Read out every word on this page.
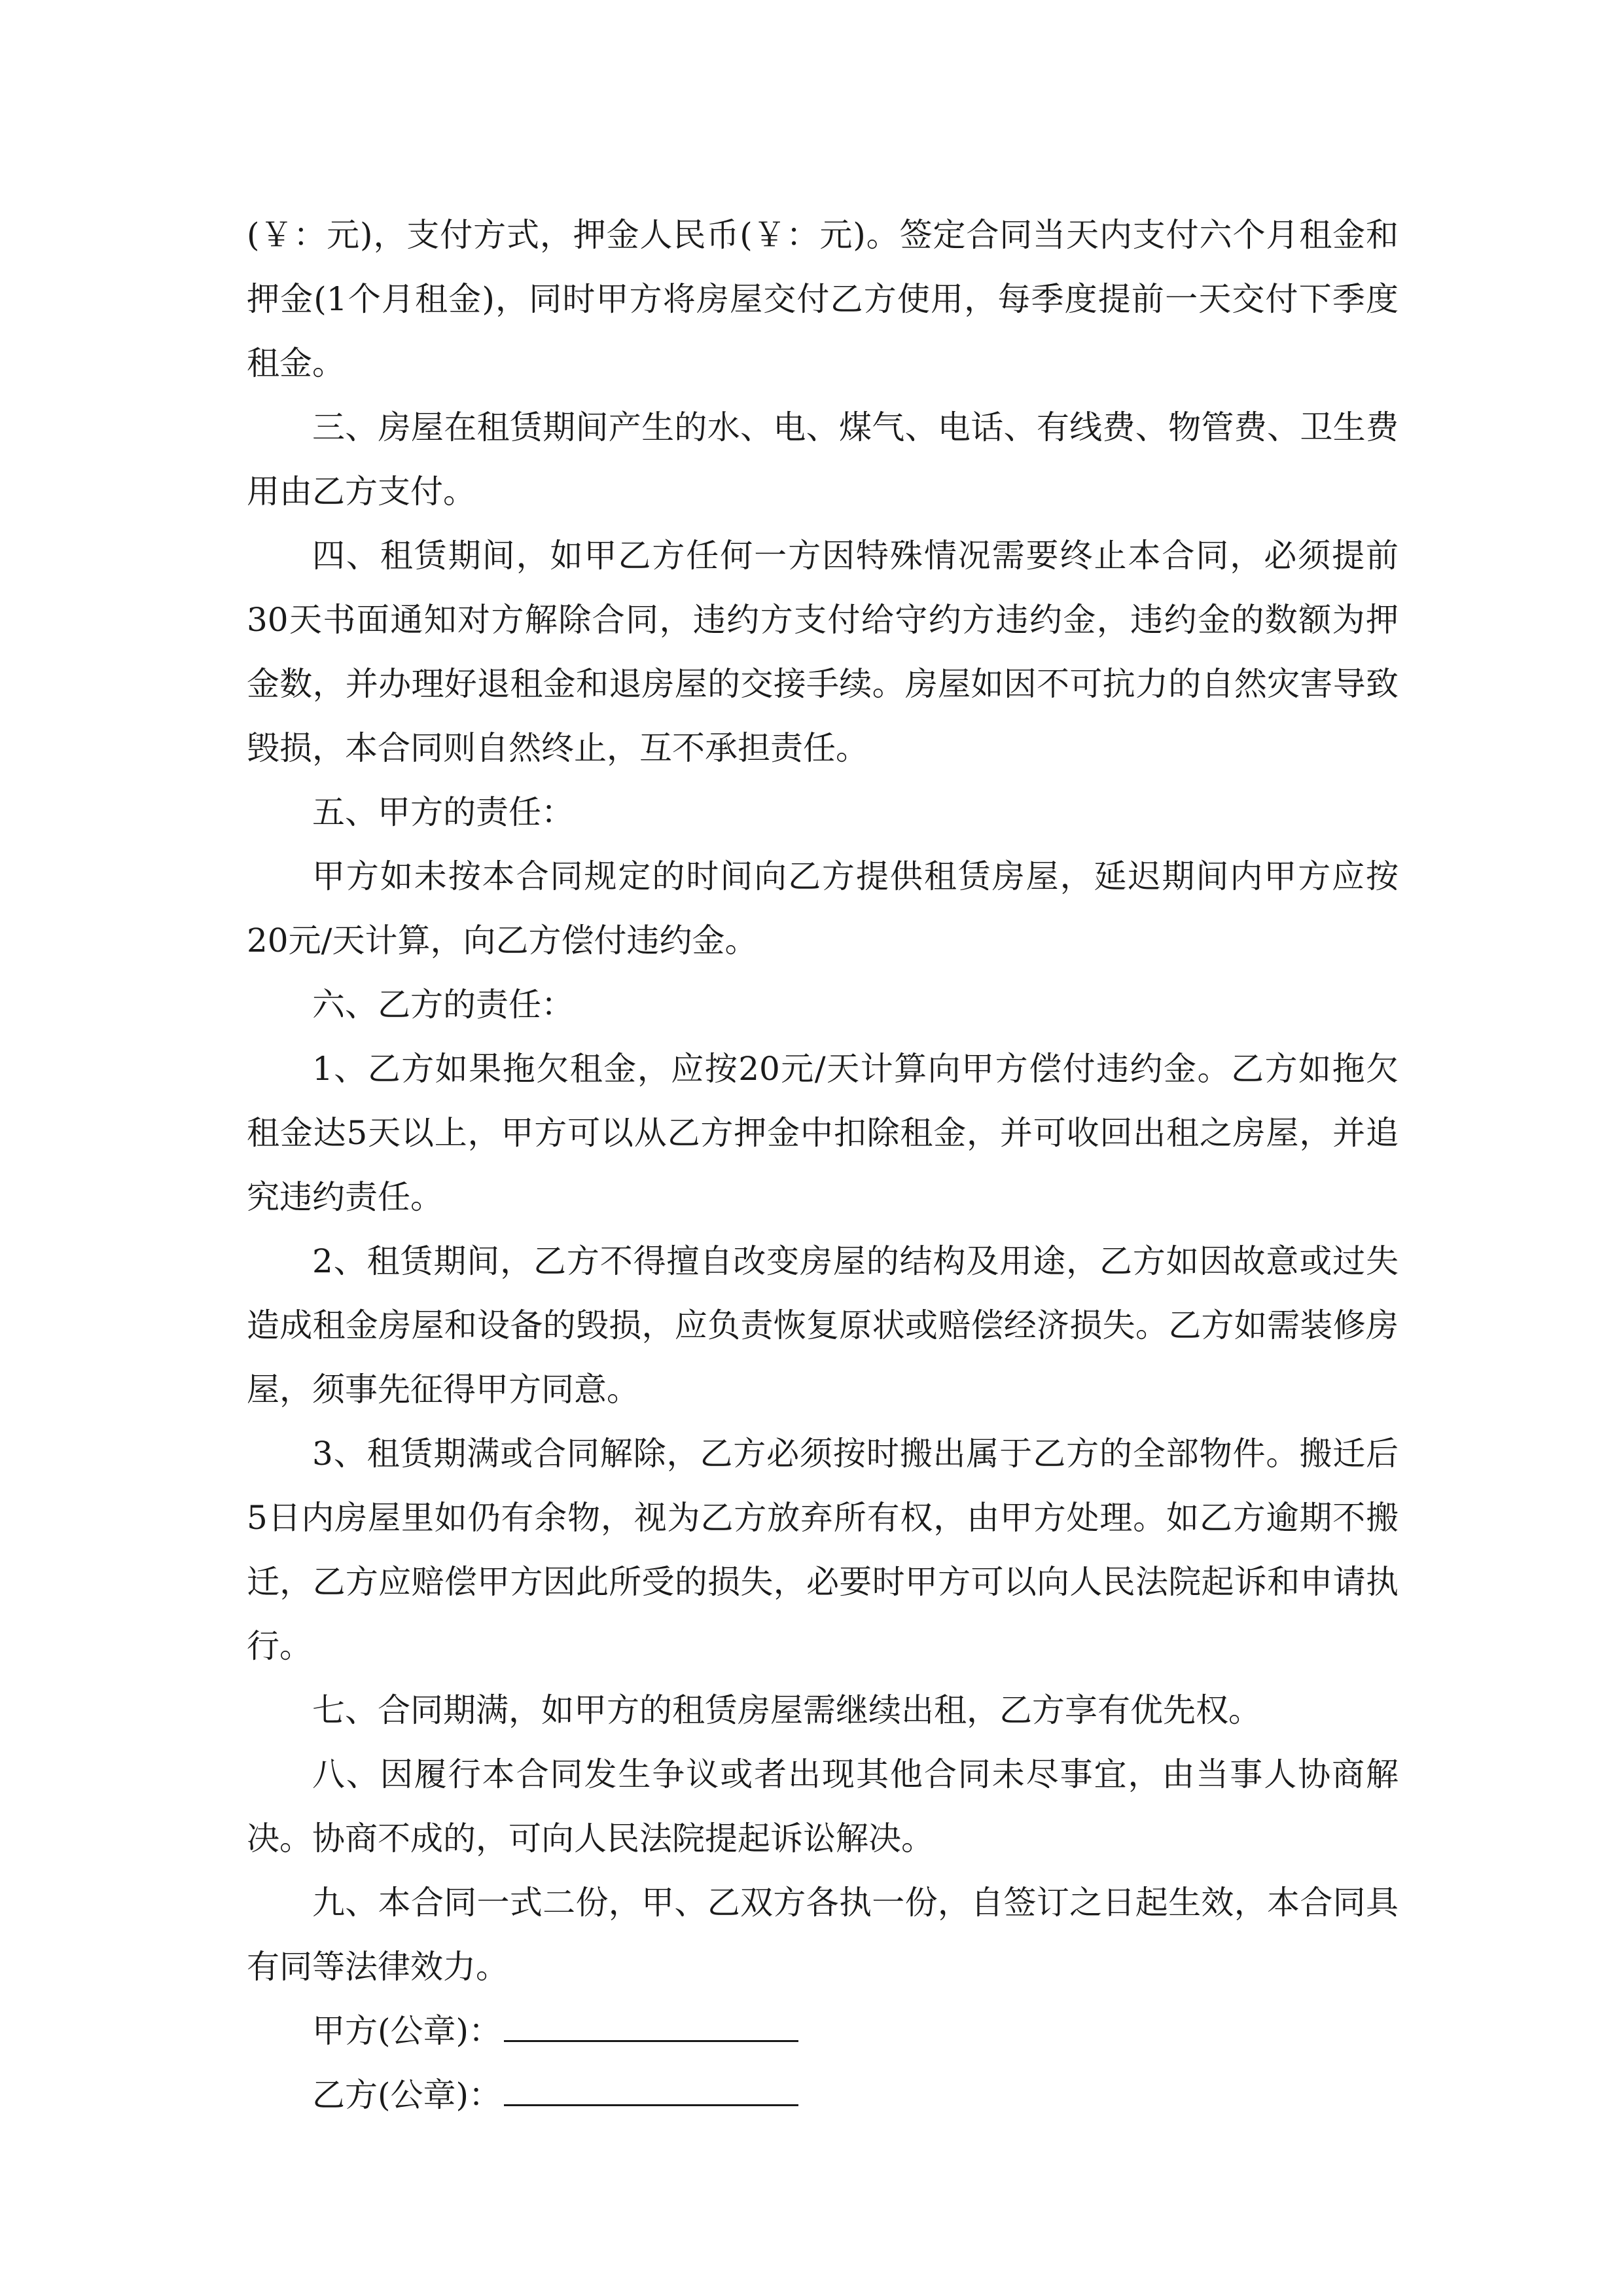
(￥：元)，支付方式，押金人民币(￥：元)。签定合同当天内支付六个月租金和押金(1个月租金)，同时甲方将房屋交付乙方使用，每季度提前一天交付下季度租金。

三、房屋在租赁期间产生的水、电、煤气、电话、有线费、物管费、卫生费用由乙方支付。

四、租赁期间，如甲乙方任何一方因特殊情况需要终止本合同，必须提前30天书面通知对方解除合同，违约方支付给守约方违约金，违约金的数额为押金数，并办理好退租金和退房屋的交接手续。房屋如因不可抗力的自然灾害导致毁损，本合同则自然终止，互不承担责任。

五、甲方的责任：

甲方如未按本合同规定的时间向乙方提供租赁房屋，延迟期间内甲方应按20元/天计算，向乙方偿付违约金。

六、乙方的责任：

1、乙方如果拖欠租金，应按20元/天计算向甲方偿付违约金。乙方如拖欠租金达5天以上，甲方可以从乙方押金中扣除租金，并可收回出租之房屋，并追究违约责任。

2、租赁期间，乙方不得擅自改变房屋的结构及用途，乙方如因故意或过失造成租金房屋和设备的毁损，应负责恢复原状或赔偿经济损失。乙方如需装修房屋，须事先征得甲方同意。

3、租赁期满或合同解除，乙方必须按时搬出属于乙方的全部物件。搬迁后5日内房屋里如仍有余物，视为乙方放弃所有权，由甲方处理。如乙方逾期不搬迁，乙方应赔偿甲方因此所受的损失，必要时甲方可以向人民法院起诉和申请执行。

七、合同期满，如甲方的租赁房屋需继续出租，乙方享有优先权。

八、因履行本合同发生争议或者出现其他合同未尽事宜，由当事人协商解决。协商不成的，可向人民法院提起诉讼解决。

九、本合同一式二份，甲、乙双方各执一份，自签订之日起生效，本合同具有同等法律效力。

甲方(公章)：
乙方(公章)：
